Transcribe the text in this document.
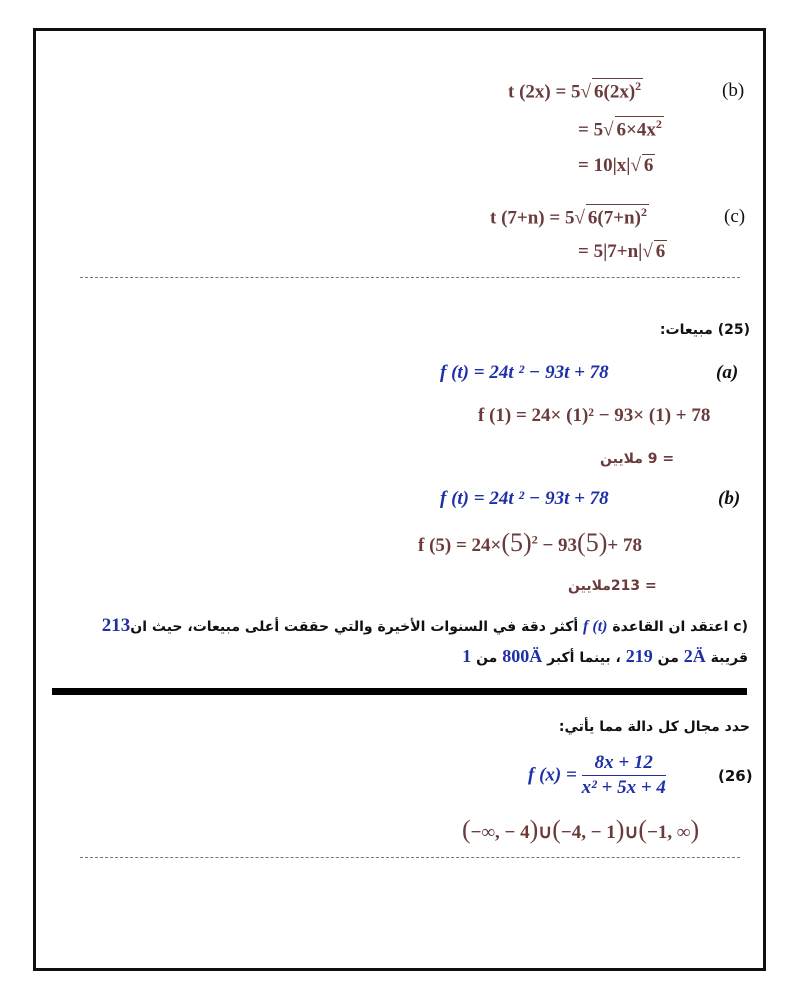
t (2x) = 5√ $6(2x)^2$	(b)
= 5√ $6\times 4x^2$
= 10|x|√ 6
t (7+n) = 5√ $6(7+n)^2$	(c)
= 5|7+n|√ 6
(25) مبيعات:
f (t) = 24t ² − 93t + 78	(a)
f (1) = 24× (1)² − 93× (1) + 78
= 9 ملايين
f (t) = 24t ² − 93t + 78	(b)
f $(5) = 24\times(5)^2 - 93(5)+ 78$
= 213ملايين
(c اعتقد ان القاعدة f (t) أكثر دقة في السنوات الأخيرة والتي حققت أعلى مبيعات، حيث ان213
قريبة 2Ä من 219 ، بينما أكبر 800Ä من 1
حدد مجال كل دالة مما يأتي:
f $(x) = \frac{8x + 12}{\text{x² + 5x + 4}}$	(26)
(−∞, − 4)∪(−4, − 1)∪(−1, ∞)
